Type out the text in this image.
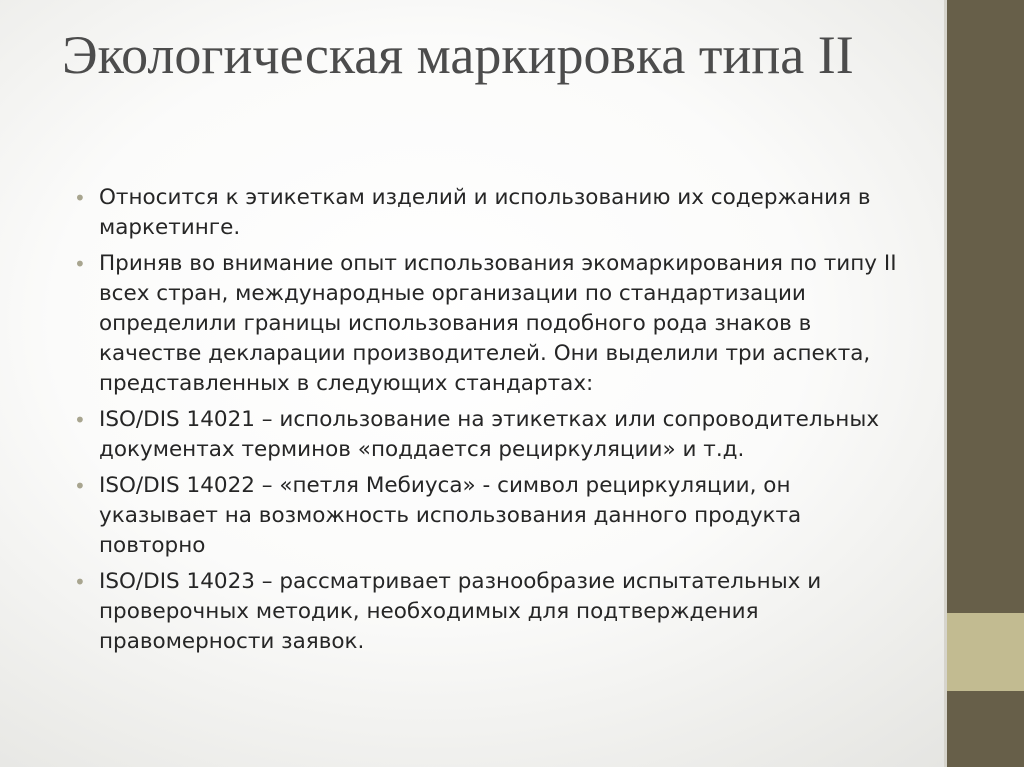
Экологическая маркировка типа II
• Относится к этикеткам изделий и использованию их содержания в маркетинге.
• Приняв во внимание опыт использования экомаркирования по типу II всех стран, международные организации по стандартизации определили границы использования подобного рода знаков в качестве декларации производителей. Они выделили три аспекта, представленных в следующих стандартах:
• ISO/DIS 14021 – использование на этикетках или сопроводительных документах терминов «поддается рециркуляции» и т.д.
• ISO/DIS 14022 – «петля Мебиуса» - символ рециркуляции, он указывает на возможность использования данного продукта повторно
• ISO/DIS 14023 – рассматривает разнообразие испытательных и проверочных методик, необходимых для подтверждения правомерности заявок.
